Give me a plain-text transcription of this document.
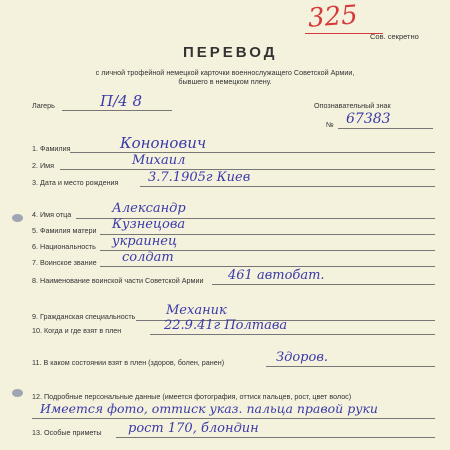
325
Сов. секретно
ПЕРЕВОД
с личной трофейной немецкой карточки военнослужащего Советской Армии,
бывшего в немецком плену.
Лагерь	П/4 8	Опознавательный знак
№ 67383
1. Фамилия	Кононович
2. Имя	Михаил
3. Дата и место рождения 3.7.1905г Киев
4. Имя отца	Александр
5. Фамилия матери Кузнецова
6. Национальность украинец
7. Воинское звание солдат
8. Наименование воинской части Советской Армии 461 автобат.
9. Гражданская специальность Механик
10. Когда и где взят в плен	22.9.41г Полтава
11. В каком состоянии взят в плен (здоров, болен, ранен)	Здоров.
12. Подробные персональные данные (имеется фотография, оттиск пальцев, рост, цвет волос)
Имеется фото, оттиск указ. пальца правой руки
13. Особые приметы рост 170, блондин
